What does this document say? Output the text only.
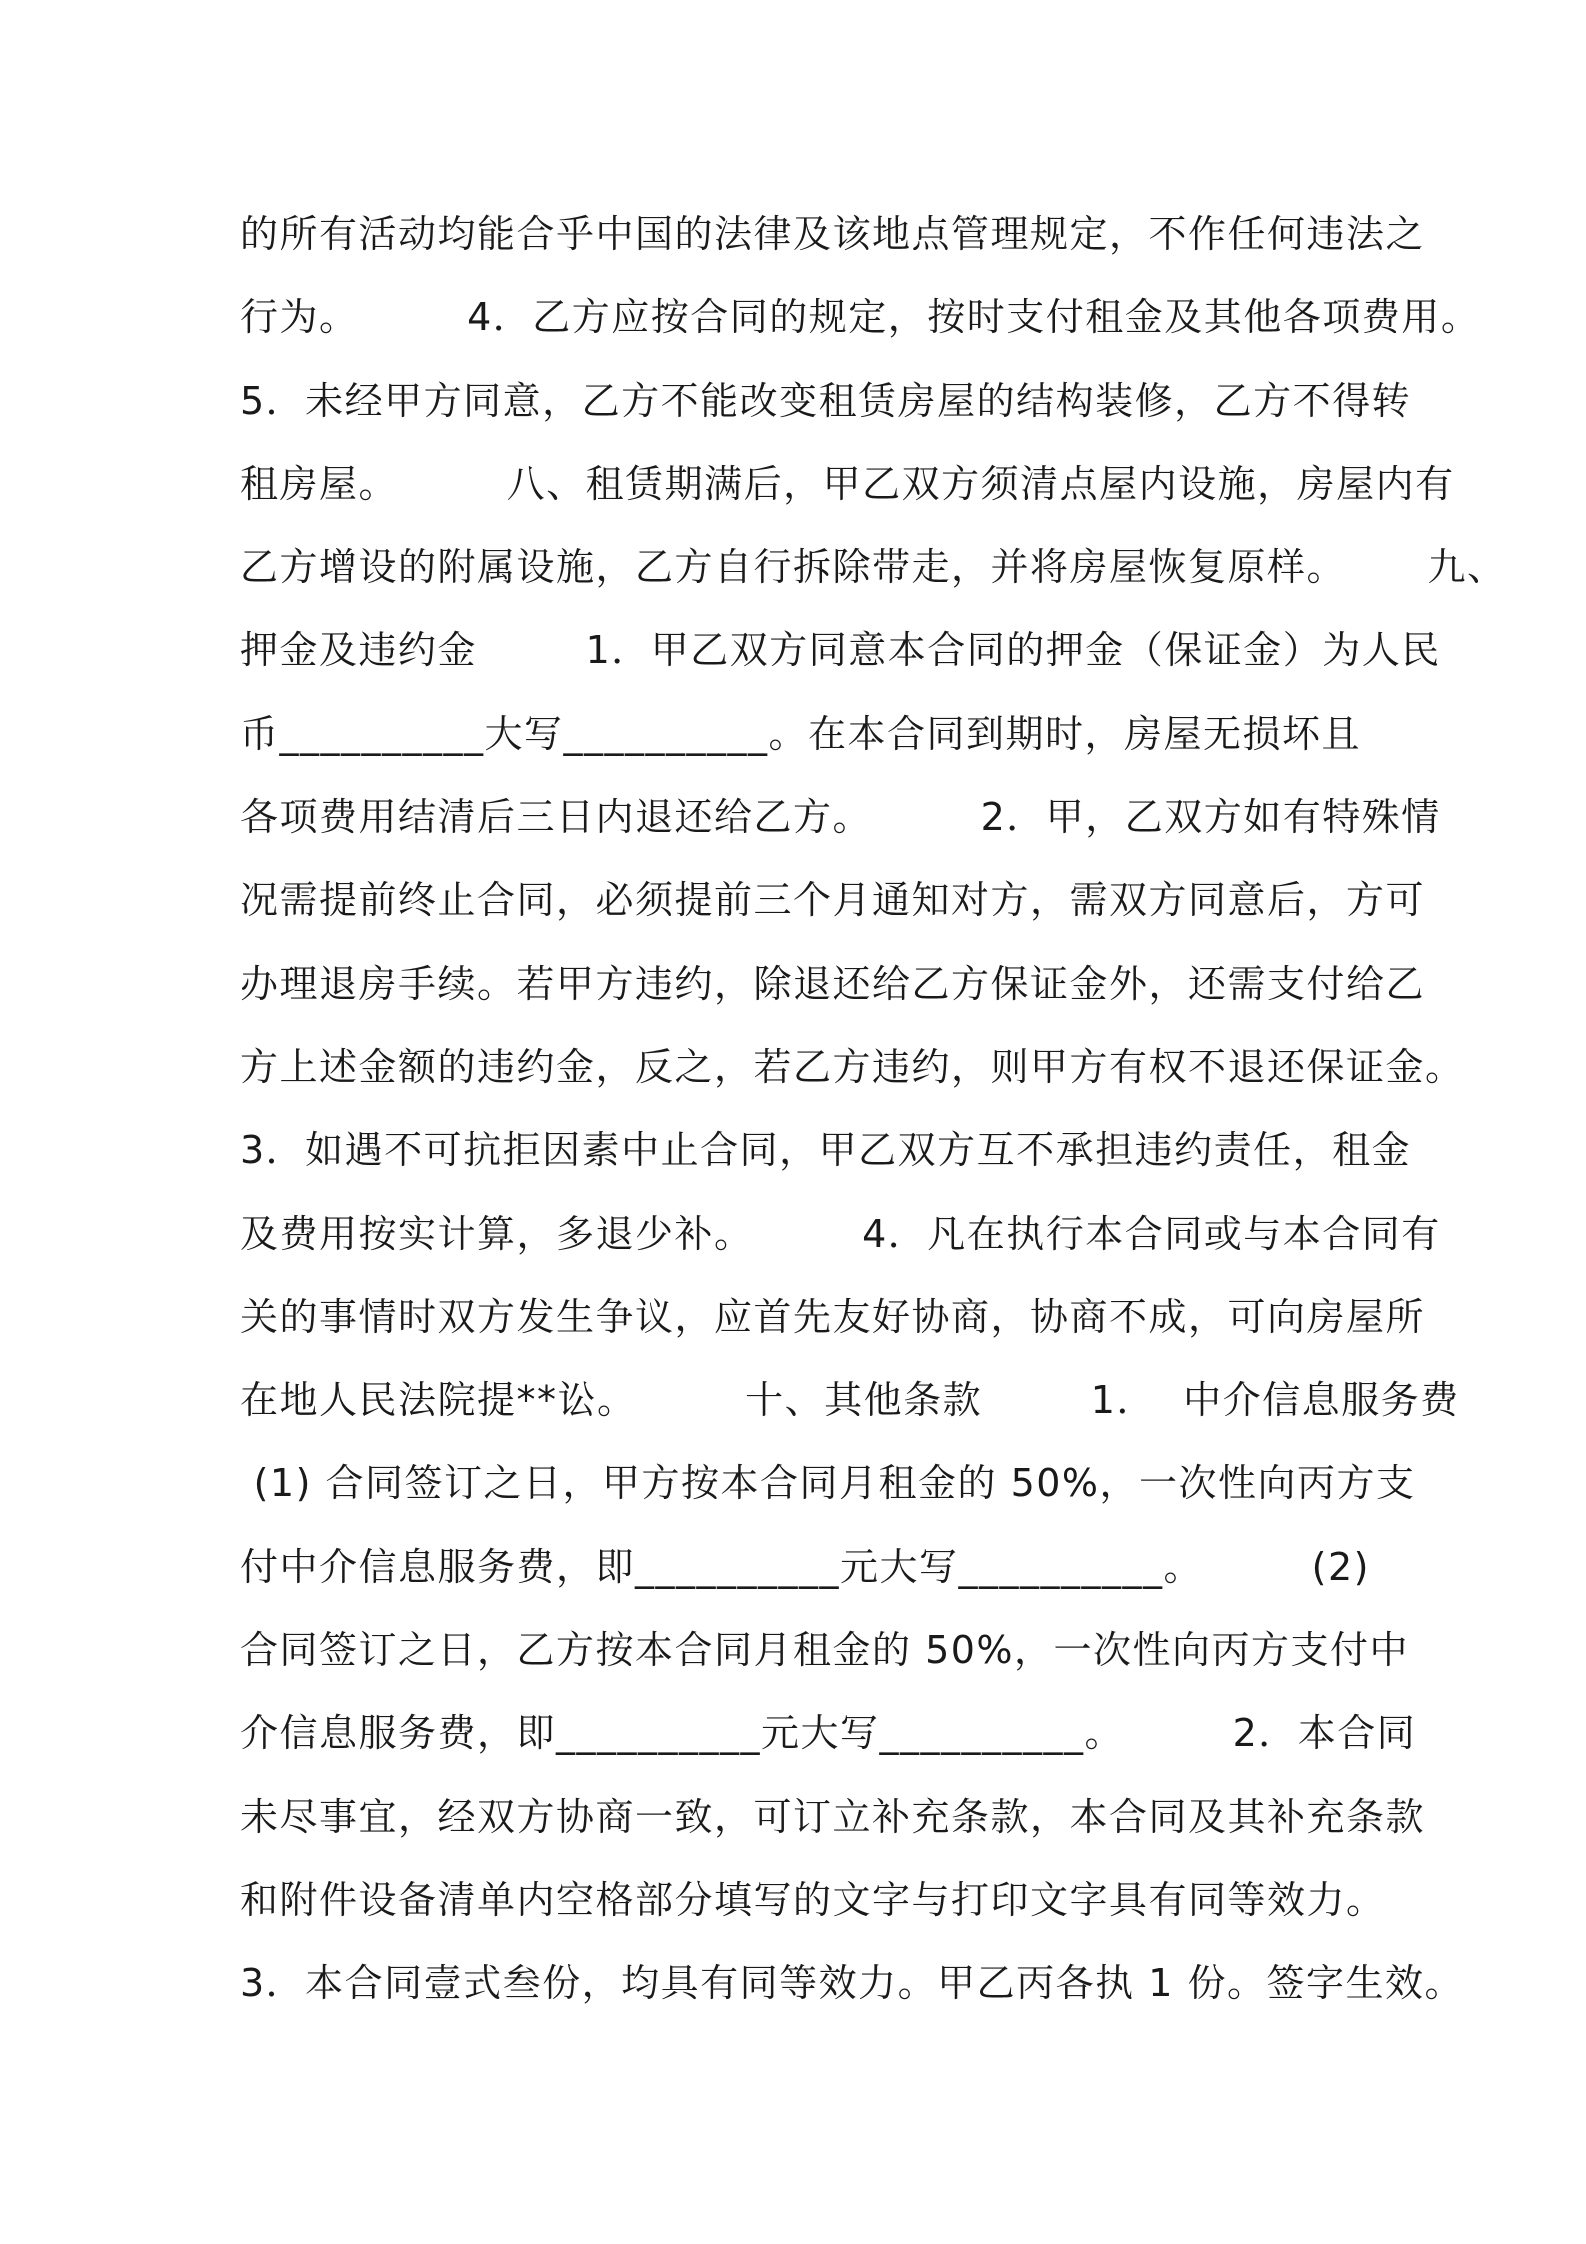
的所有活动均能合乎中国的法律及该地点管理规定，不作任何违法之
行为。        4．乙方应按合同的规定，按时支付租金及其他各项费用。
5．未经甲方同意，乙方不能改变租赁房屋的结构装修，乙方不得转
租房屋。        八、租赁期满后，甲乙双方须清点屋内设施，房屋内有
乙方增设的附属设施，乙方自行拆除带走，并将房屋恢复原样。      九、
押金及违约金        1．甲乙双方同意本合同的押金（保证金）为人民
币__________大写__________。在本合同到期时，房屋无损坏且
各项费用结清后三日内退还给乙方。        2．甲，乙双方如有特殊情
况需提前终止合同，必须提前三个月通知对方，需双方同意后，方可
办理退房手续。若甲方违约，除退还给乙方保证金外，还需支付给乙
方上述金额的违约金，反之，若乙方违约，则甲方有权不退还保证金。
3．如遇不可抗拒因素中止合同，甲乙双方互不承担违约责任，租金
及费用按实计算，多退少补。        4．凡在执行本合同或与本合同有
关的事情时双方发生争议，应首先友好协商，协商不成，可向房屋所
在地人民法院提**讼。        十、其他条款        1．  中介信息服务费
(1) 合同签订之日，甲方按本合同月租金的 50%，一次性向丙方支
付中介信息服务费，即__________元大写__________。        (2)
合同签订之日，乙方按本合同月租金的 50%，一次性向丙方支付中
介信息服务费，即__________元大写__________。        2．本合同
未尽事宜，经双方协商一致，可订立补充条款，本合同及其补充条款
和附件设备清单内空格部分填写的文字与打印文字具有同等效力。
3．本合同壹式叁份，均具有同等效力。甲乙丙各执 1 份。签字生效。
